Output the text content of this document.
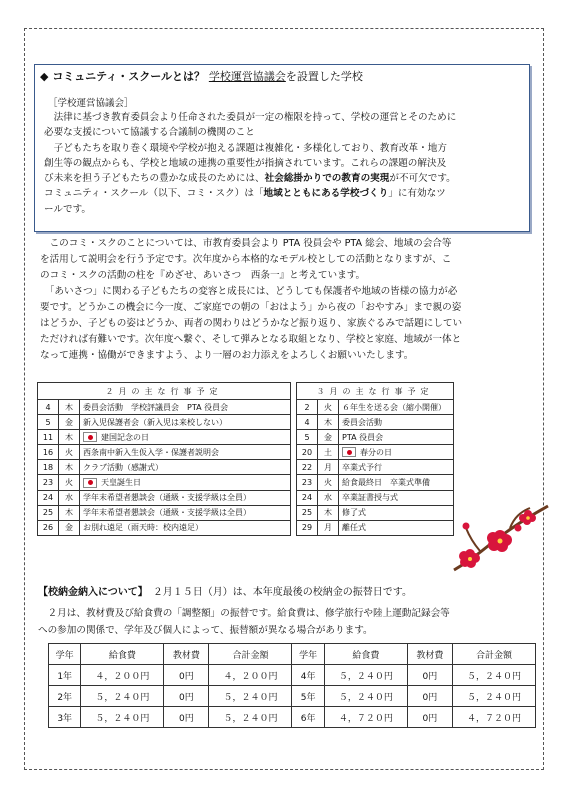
◆ コミュニティ・スクールとは？ 学校運営協議会を設置した学校
［学校運営協議会］

　法律に基づき教育委員会より任命された委員が一定の権限を持って、学校の運営とそのために

必要な支援について協議する合議制の機関のこと

　子どもたちを取り巻く環境や学校が抱える課題は複雑化・多様化しており、教育改革・地方

創生等の観点からも、学校と地域の連携の重要性が指摘されています。これらの課題の解決及

び未来を担う子どもたちの豊かな成長のためには、社会総掛かりでの教育の実現が不可欠です。

コミュニティ・スクール（以下、コミ・スク）は「地域とともにある学校づくり」に有効なツ

ールです。

　このコミ・スクのことについては、市教育委員会より PTA 役員会や PTA 総会、地域の会合等

を活用して説明会を行う予定です。次年度から本格的なモデル校としての活動となりますが、こ

のコミ・スクの活動の柱を『めざせ、あいさつ　西条一』と考えています。

　「あいさつ」に関わる子どもたちの変容と成長には、どうしても保護者や地域の皆様の協力が必

要です。どうかこの機会に今一度、ご家庭での朝の「おはよう」から夜の「おやすみ」まで親の姿

はどうか、子どもの姿はどうか、両者の関わりはどうかなど振り返り、家族ぐるみで話題にしてい

ただければ有難いです。次年度へ繋ぐ、そして弾みとなる取組となり、学校と家庭、地域が一体と

なって連携・協働ができますよう、より一層のお力添えをよろしくお願いいたします。

２月の主な行事予定		
4	木	委員会活動　学校評議員会　PTA 役員会
5	金	新入児保護者会（新入児は来校しない）
11	木	建国記念の日
16	火	西条南中新入生仮入学・保護者説明会
18	木	クラブ活動（感謝式）
23	火	天皇誕生日
24	水	学年末希望者懇談会（通級・支援学級は全員）
25	木	学年末希望者懇談会（通級・支援学級は全員）
26	金	お別れ遠足（雨天時：校内遠足）
３月の主な行事予定		
2	火	６年生を送る会（縮小開催）
4	木	委員会活動
5	金	PTA 役員会
20	土	春分の日
22	月	卒業式予行
23	火	給食最終日　卒業式準備
24	水	卒業証書授与式
25	木	修了式
29	月	離任式
【校納金納入について】　 ２月１５日（月）は、本年度最後の校納金の振替日です。

　２月は、教材費及び給食費の「調整額」の振替です。給食費は、修学旅行や陸上運動記録会等

への参加の関係で、学年及び個人によって、振替額が異なる場合があります。

学年	給食費	教材費	合計金額	学年	給食費	教材費	合計金額
1年	４，２００円	0円	４，２００円	4年	５，２４０円	0円	５，２４０円
2年	５，２４０円	0円	５，２４０円	5年	５，２４０円	0円	５，２４０円
3年	５，２４０円	0円	５，２４０円	6年	４，７２０円	0円	４，７２０円
